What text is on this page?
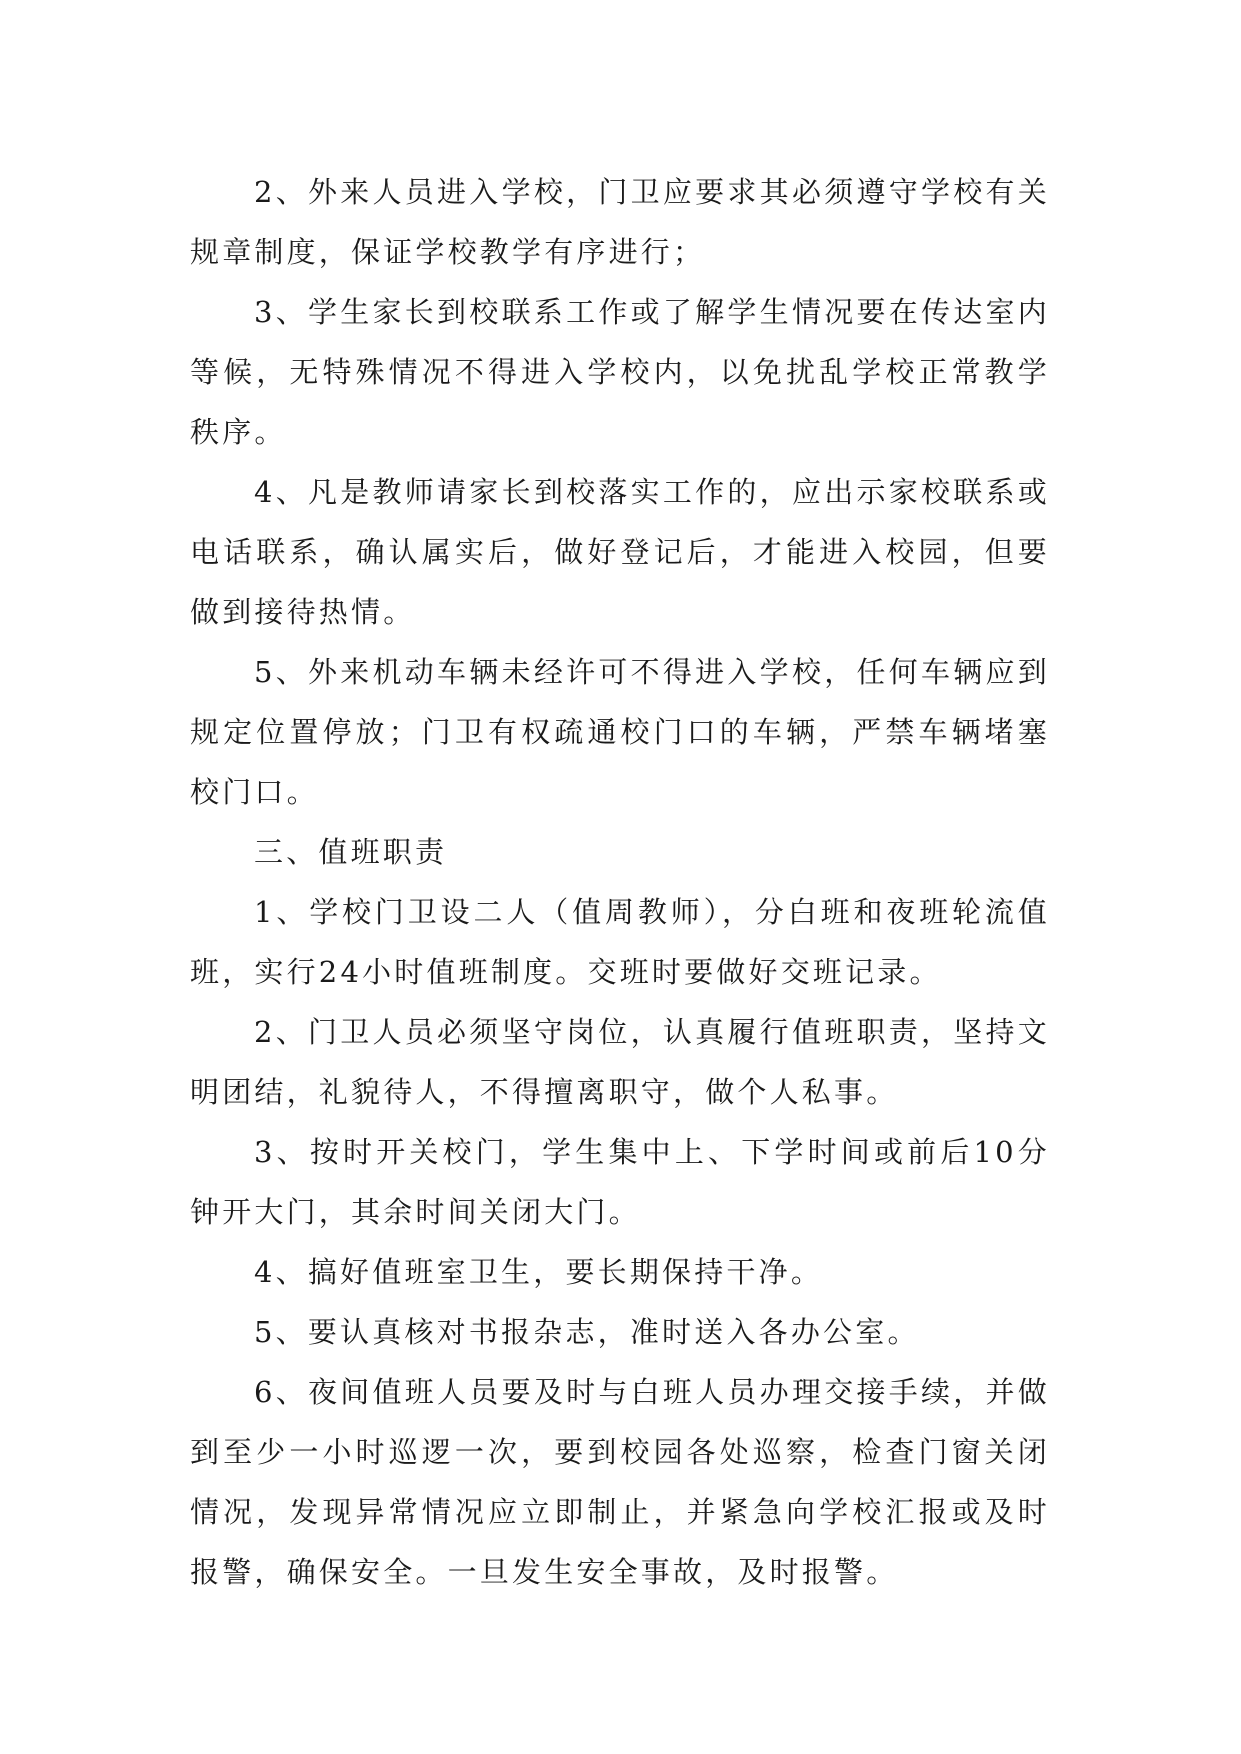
2、外来人员进入学校，门卫应要求其必须遵守学校有关规章制度，保证学校教学有序进行；

3、学生家长到校联系工作或了解学生情况要在传达室内等候，无特殊情况不得进入学校内，以免扰乱学校正常教学秩序。

4、凡是教师请家长到校落实工作的，应出示家校联系或电话联系，确认属实后，做好登记后，才能进入校园，但要做到接待热情。

5、外来机动车辆未经许可不得进入学校，任何车辆应到规定位置停放；门卫有权疏通校门口的车辆，严禁车辆堵塞校门口。

三、值班职责

1、学校门卫设二人（值周教师），分白班和夜班轮流值班，实行24小时值班制度。交班时要做好交班记录。

2、门卫人员必须坚守岗位，认真履行值班职责，坚持文明团结，礼貌待人，不得擅离职守，做个人私事。

3、按时开关校门，学生集中上、下学时间或前后10分钟开大门，其余时间关闭大门。

4、搞好值班室卫生，要长期保持干净。

5、要认真核对书报杂志，准时送入各办公室。

6、夜间值班人员要及时与白班人员办理交接手续，并做到至少一小时巡逻一次，要到校园各处巡察，检查门窗关闭情况，发现异常情况应立即制止，并紧急向学校汇报或及时报警，确保安全。一旦发生安全事故，及时报警。
